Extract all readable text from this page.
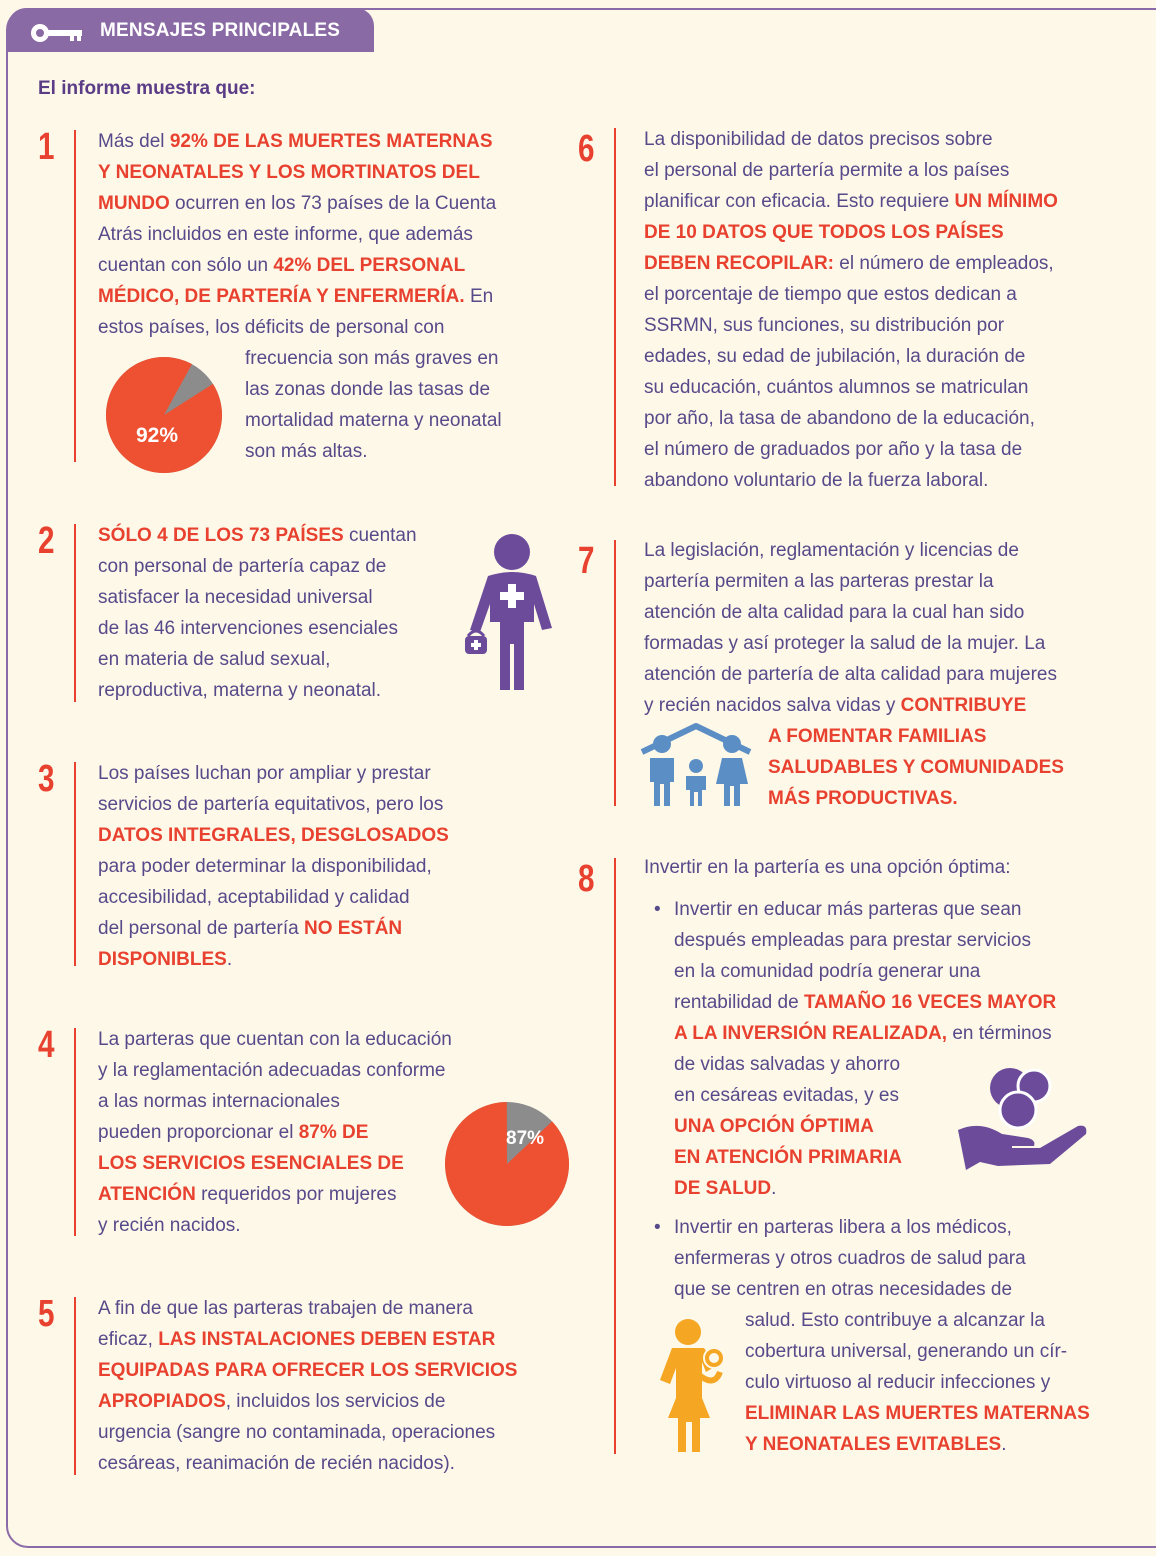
MENSAJES PRINCIPALES
El informe muestra que:
1 Más del 92% DE LAS MUERTES MATERNAS
Y NEONATALES Y LOS MORTINATOS DEL
MUNDO ocurren en los 73 países de la Cuenta
Atrás incluidos en este informe, que además
cuentan con sólo un 42% DEL PERSONAL
MÉDICO, DE PARTERÍA Y ENFERMERÍA. En
estos países, los déficits de personal con
frecuencia son más graves en
las zonas donde las tasas de
mortalidad materna y neonatal
son más altas.
92%
2 SÓLO 4 DE LOS 73 PAÍSES cuentan
con personal de partería capaz de
satisfacer la necesidad universal
de las 46 intervenciones esenciales
en materia de salud sexual,
reproductiva, materna y neonatal.
3 Los países luchan por ampliar y prestar
servicios de partería equitativos, pero los
DATOS INTEGRALES, DESGLOSADOS
para poder determinar la disponibilidad,
accesibilidad, aceptabilidad y calidad
del personal de partería NO ESTÁN
DISPONIBLES.
4 La parteras que cuentan con la educación
y la reglamentación adecuadas conforme
a las normas internacionales
pueden proporcionar el 87% DE
LOS SERVICIOS ESENCIALES DE
ATENCIÓN requeridos por mujeres
y recién nacidos.
87%
5 A fin de que las parteras trabajen de manera
eficaz, LAS INSTALACIONES DEBEN ESTAR
EQUIPADAS PARA OFRECER LOS SERVICIOS
APROPIADOS, incluidos los servicios de
urgencia (sangre no contaminada, operaciones
cesáreas, reanimación de recién nacidos).
6	La disponibilidad de datos precisos sobre
el personal de partería permite a los países
planificar con eficacia. Esto requiere UN MÍNIMO
DE 10 DATOS QUE TODOS LOS PAÍSES
DEBEN RECOPILAR: el número de empleados,
el porcentaje de tiempo que estos dedican a
SSRMN, sus funciones, su distribución por
edades, su edad de jubilación, la duración de
su educación, cuántos alumnos se matriculan
por año, la tasa de abandono de la educación,
el número de graduados por año y la tasa de
abandono voluntario de la fuerza laboral.
7	La legislación, reglamentación y licencias de
partería permiten a las parteras prestar la
atención de alta calidad para la cual han sido
formadas y así proteger la salud de la mujer. La
atención de partería de alta calidad para mujeres
y recién nacidos salva vidas y CONTRIBUYE
A FOMENTAR FAMILIAS
SALUDABLES Y COMUNIDADES
MÁS PRODUCTIVAS.
8	Invertir en la partería es una opción óptima:
• Invertir en educar más parteras que sean
después empleadas para prestar servicios
en la comunidad podría generar una
rentabilidad de TAMAÑO 16 VECES MAYOR
A LA INVERSIÓN REALIZADA, en términos
de vidas salvadas y ahorro
en cesáreas evitadas, y es
UNA OPCIÓN ÓPTIMA
EN ATENCIÓN PRIMARIA
DE SALUD.
• Invertir en parteras libera a los médicos,
enfermeras y otros cuadros de salud para
que se centren en otras necesidades de
salud. Esto contribuye a alcanzar la
cobertura universal, generando un cír-
culo virtuoso al reducir infecciones y
ELIMINAR LAS MUERTES MATERNAS
Y NEONATALES EVITABLES.
